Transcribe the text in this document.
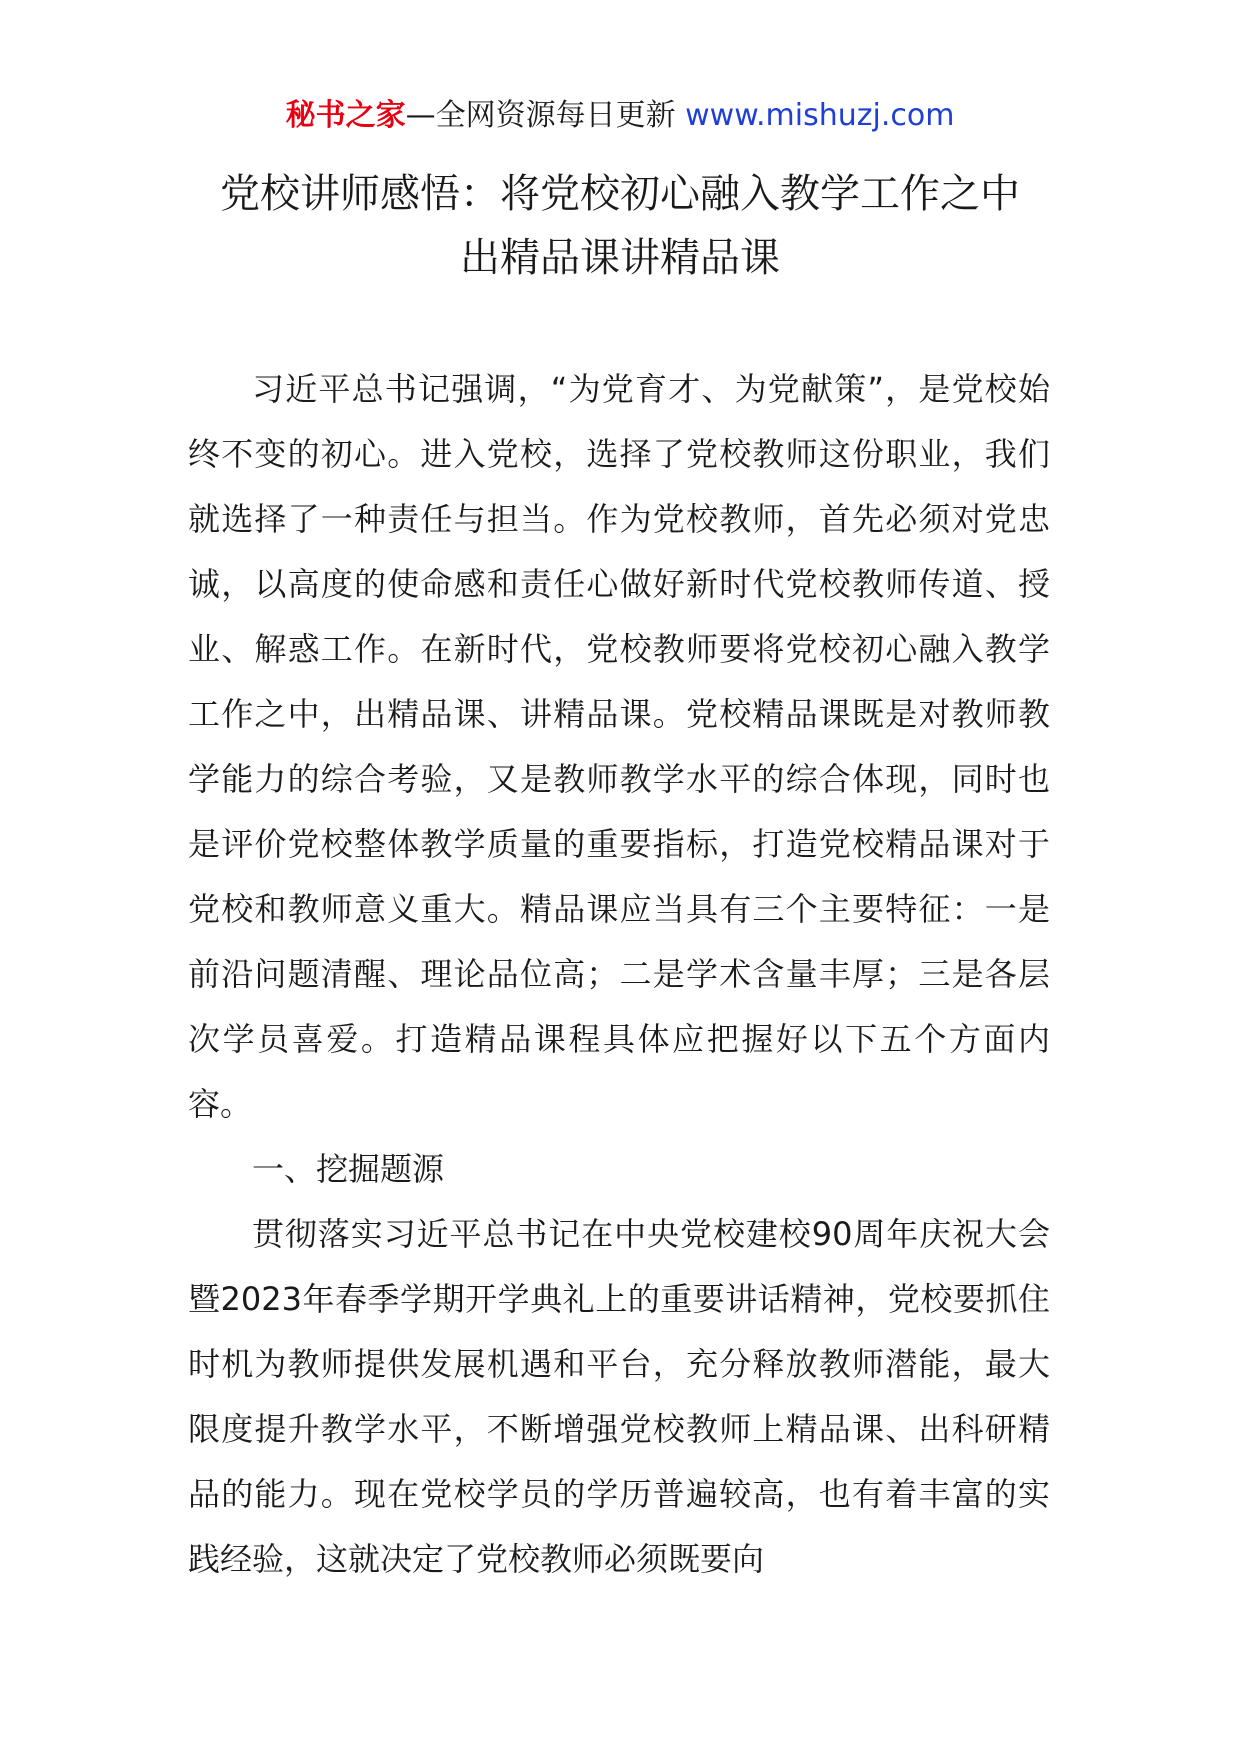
秘书之家—全网资源每日更新 www.mishuzj.com
党校讲师感悟：将党校初心融入教学工作之中
出精品课讲精品课

习近平总书记强调，“为党育才、为党献策”，是党校始终不变的初心。进入党校，选择了党校教师这份职业，我们就选择了一种责任与担当。作为党校教师，首先必须对党忠诚，以高度的使命感和责任心做好新时代党校教师传道、授业、解惑工作。在新时代，党校教师要将党校初心融入教学工作之中，出精品课、讲精品课。党校精品课既是对教师教学能力的综合考验，又是教师教学水平的综合体现，同时也是评价党校整体教学质量的重要指标，打造党校精品课对于党校和教师意义重大。精品课应当具有三个主要特征：一是前沿问题清醒、理论品位高；二是学术含量丰厚；三是各层次学员喜爱。打造精品课程具体应把握好以下五个方面内容。

一、挖掘题源

贯彻落实习近平总书记在中央党校建校90周年庆祝大会暨2023年春季学期开学典礼上的重要讲话精神，党校要抓住时机为教师提供发展机遇和平台，充分释放教师潜能，最大限度提升教学水平，不断增强党校教师上精品课、出科研精品的能力。现在党校学员的学历普遍较高，也有着丰富的实践经验，这就决定了党校教师必须既要向
